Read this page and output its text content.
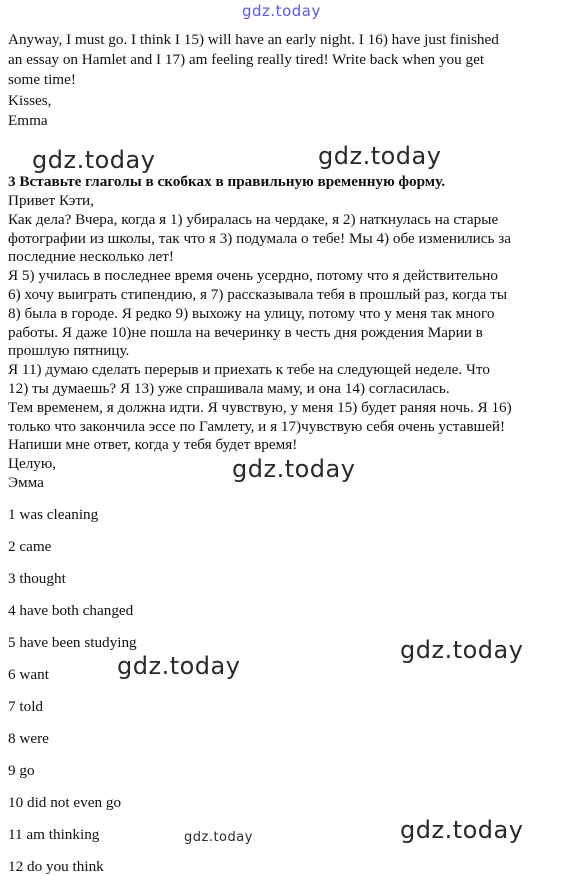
gdz.today
Anyway, I must go. I think I 15) will have an early night. I 16) have just finished
an essay on Hamlet and I 17) am feeling really tired! Write back when you get
some time!
Kisses,
Emma
gdz.today	gdz.today
3 Вставьте глаголы в скобках в правильную временную форму.
Привет Кэти,
Как дела? Вчера, когда я 1) убиралась на чердаке, я 2) наткнулась на старые
фотографии из школы, так что я 3) подумала о тебе! Мы 4) обе изменились за
последние несколько лет!
Я 5) училась в последнее время очень усердно, потому что я действительно
6) хочу выиграть стипендию, я 7) рассказывала тебя в прошлый раз, когда ты
8) была в городе. Я редко 9) выхожу на улицу, потому что у меня так много
работы. Я даже 10)не пошла на вечеринку в честь дня рождения Марии в
прошлую пятницу.
Я 11) думаю сделать перерыв и приехать к тебе на следующей неделе. Что
12) ты думаешь? Я 13) уже спрашивала маму, и она 14) согласилась.
Тем временем, я должна идти. Я чувствую, у меня 15) будет раняя ночь. Я 16)
только что закончила эссе по Гамлету, и я 17)чувствую себя очень уставшей!
Напиши мне ответ, когда у тебя будет время!
Целую,
Эмма	gdz.today
1 was cleaning
2 came
3 thought
4 have both changed
5 have been studying
6 want
7 told
8 were
9 go
10 did not even go
11 am thinking
12 do you think
gdz.today
gdz.today
gdz.today
gdz.today
